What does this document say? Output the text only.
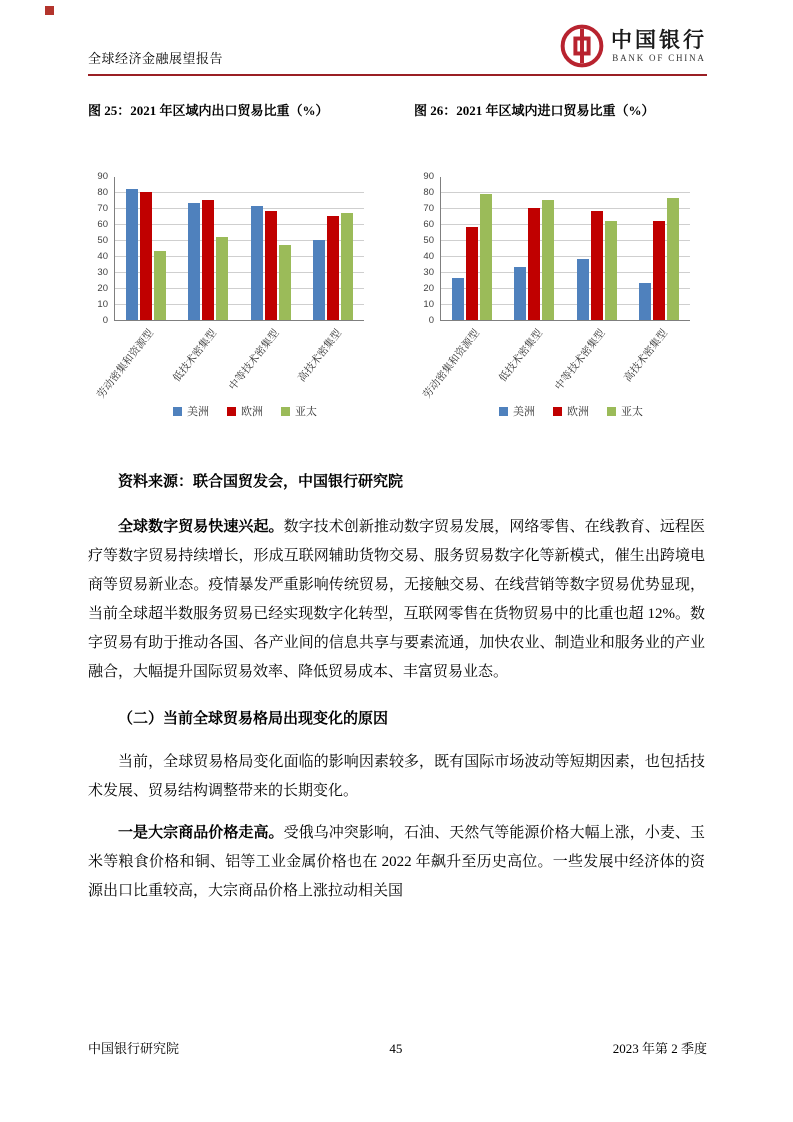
全球经济金融展望报告
中国银行
BANK OF CHINA
图 25：2021 年区域内出口贸易比重（%）
0
10
20
30
40
50
60
70
80
90
劳动密集和资源型 低技术密集型 中等技术密集型 高技术密集型
美洲	欧洲	亚太
图 26：2021 年区域内进口贸易比重（%）
0
10
20
30
40
50
60
70
80
90
劳动密集和资源型 低技术密集型 中等技术密集型 高技术密集型
美洲	欧洲	亚太

资料来源：联合国贸发会，中国银行研究院

全球数字贸易快速兴起。数字技术创新推动数字贸易发展，网络零售、在线教育、远程医疗等数字贸易持续增长，形成互联网辅助货物交易、服务贸易数字化等新模式，催生出跨境电商等贸易新业态。疫情暴发严重影响传统贸易，无接触交易、在线营销等数字贸易优势显现，当前全球超半数服务贸易已经实现数字化转型，互联网零售在货物贸易中的比重也超 12%。数字贸易有助于推动各国、各产业间的信息共享与要素流通，加快农业、制造业和服务业的产业融合，大幅提升国际贸易效率、降低贸易成本、丰富贸易业态。

（二）当前全球贸易格局出现变化的原因

当前，全球贸易格局变化面临的影响因素较多，既有国际市场波动等短期因素，也包括技术发展、贸易结构调整带来的长期变化。

一是大宗商品价格走高。受俄乌冲突影响，石油、天然气等能源价格大幅上涨，小麦、玉米等粮食价格和铜、铝等工业金属价格也在 2022 年飙升至历史高位。一些发展中经济体的资源出口比重较高，大宗商品价格上涨拉动相关国

中国银行研究院	45	2023 年第 2 季度
